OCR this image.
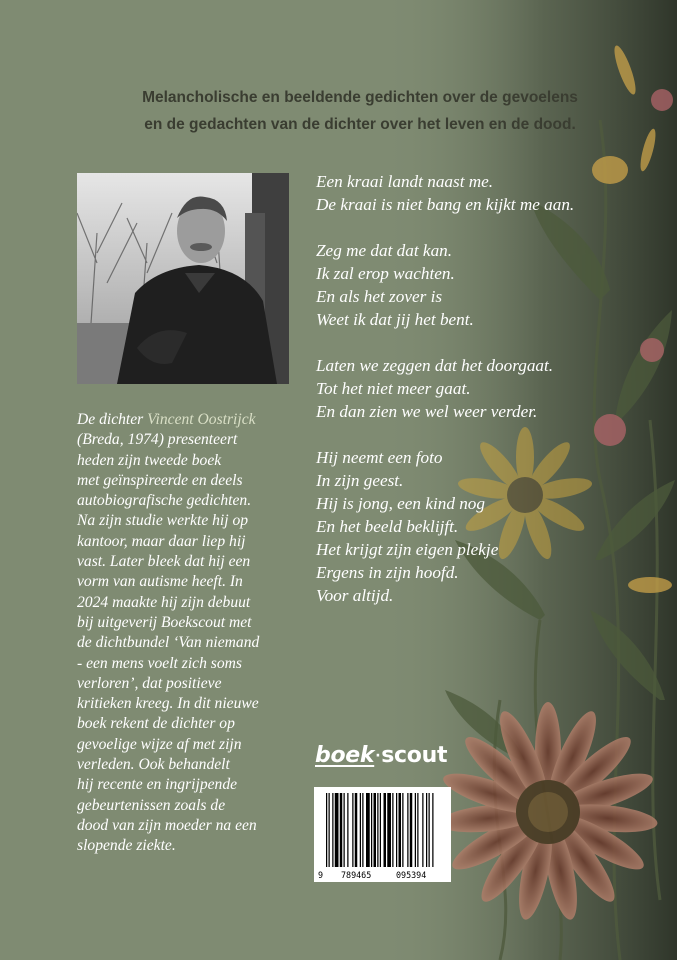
Melancholische en beeldende gedichten over de gevoelens
en de gedachten van de dichter over het leven en de dood.
De dichter Vincent Oostrijck
(Breda, 1974) presenteert
heden zijn tweede boek
met geïnspireerde en deels
autobiografische gedichten.
Na zijn studie werkte hij op
kantoor, maar daar liep hij
vast. Later bleek dat hij een
vorm van autisme heeft. In
2024 maakte hij zijn debuut
bij uitgeverij Boekscout met
de dichtbundel ‘Van niemand
- een mens voelt zich soms
verloren’, dat positieve
kritieken kreeg. In dit nieuwe
boek rekent de dichter op
gevoelige wijze af met zijn
verleden. Ook behandelt
hij recente en ingrijpende
gebeurtenissen zoals de
dood van zijn moeder na een
slopende ziekte.
Een kraai landt naast me.
De kraai is niet bang en kijkt me aan.
Zeg me dat dat kan.
Ik zal erop wachten.
En als het zover is
Weet ik dat jij het bent.
Laten we zeggen dat het doorgaat.
Tot het niet meer gaat.
En dan zien we wel weer verder.
Hij neemt een foto
In zijn geest.
Hij is jong, een kind nog
En het beeld beklijft.
Het krijgt zijn eigen plekje
Ergens in zijn hoofd.
Voor altijd.
boek·scout
9 789465	095394
